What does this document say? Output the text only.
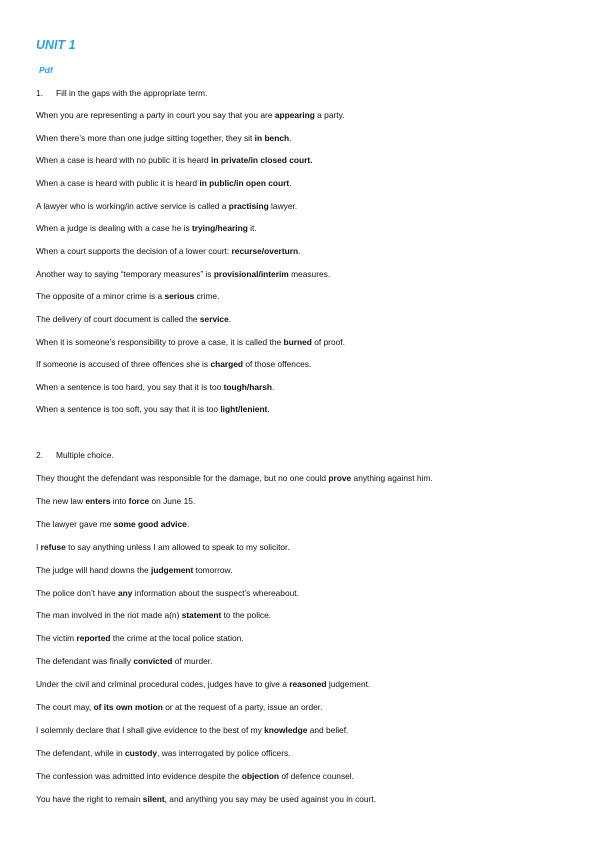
UNIT 1
Pdf
1. Fill in the gaps with the appropriate term.
When you are representing a party in court you say that you are appearing a party.
When there’s more than one judge sitting together, they sit in bench.
When a case is heard with no public it is heard in private/in closed court.
When a case is heard with public it is heard in public/in open court.
A lawyer who is working/in active service is called a practising lawyer.
When a judge is dealing with a case he is trying/hearing it.
When a court supports the decision of a lower court: recurse/overturn.
Another way to saying “temporary measures” is provisional/interim measures.
The opposite of a minor crime is a serious crime.
The delivery of court document is called the service.
When it is someone’s responsibility to prove a case, it is called the burned of proof.
If someone is accused of three offences she is charged of those offences.
When a sentence is too hard, you say that it is too tough/harsh.
When a sentence is too soft, you say that it is too light/lenient.
2. Multiple choice.
They thought the defendant was responsible for the damage, but no one could prove anything against him.
The new law enters into force on June 15.
The lawyer gave me some good advice.
I refuse to say anything unless I am allowed to speak to my solicitor.
The judge will hand downs the judgement tomorrow.
The police don’t have any information about the suspect’s whereabout.
The man involved in the riot made a(n) statement to the police.
The victim reported the crime at the local police station.
The defendant was finally convicted of murder.
Under the civil and criminal procedural codes, judges have to give a reasoned judgement.
The court may, of its own motion or at the request of a party, issue an order.
I solemnly declare that I shall give evidence to the best of my knowledge and belief.
The defendant, while in custody, was interrogated by police officers.
The confession was admitted into evidence despite the objection of defence counsel.
You have the right to remain silent, and anything you say may be used against you in court.
